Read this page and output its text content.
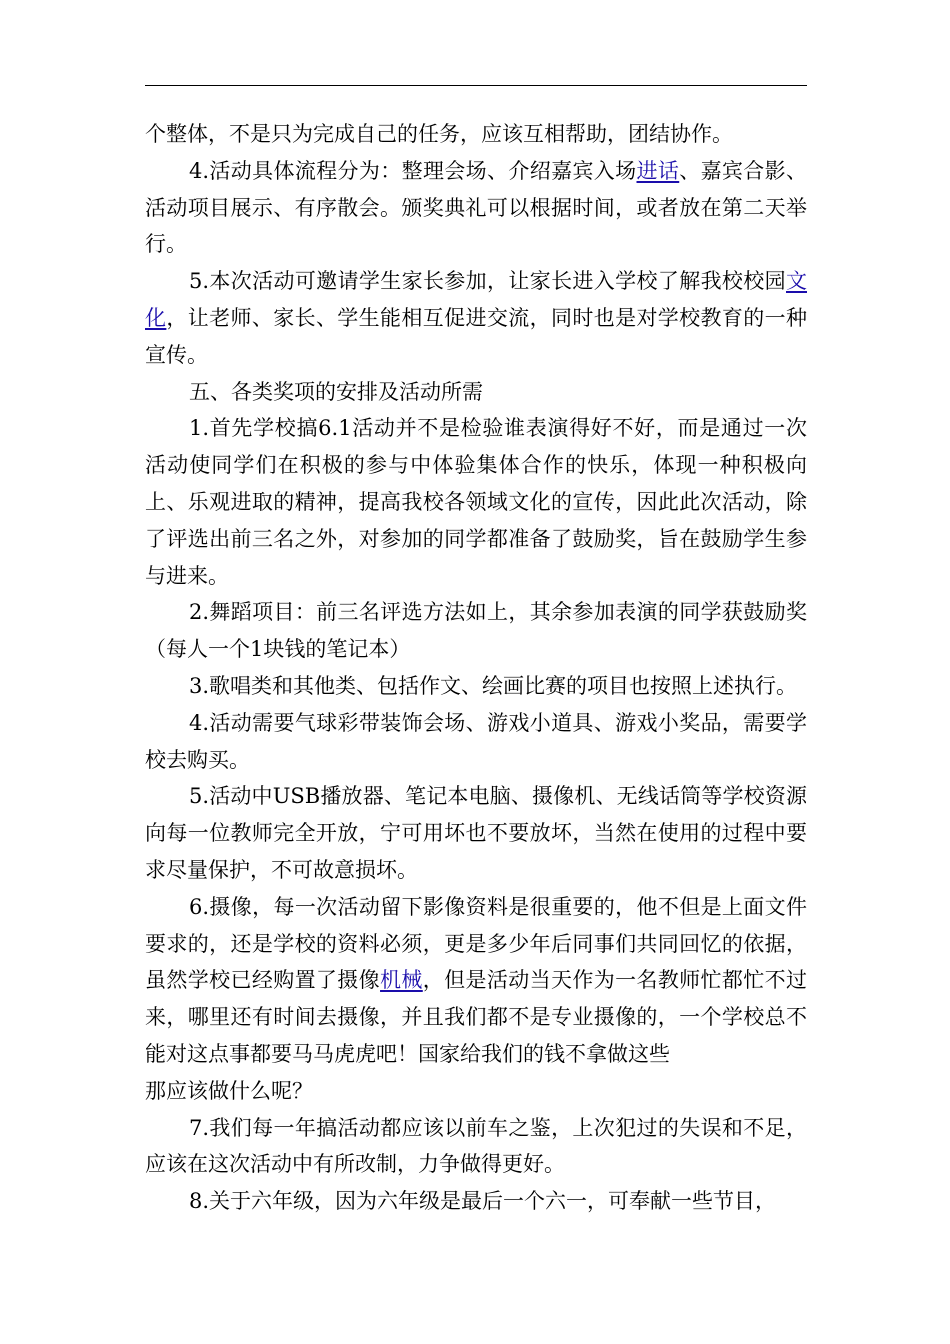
个整体，不是只为完成自己的任务，应该互相帮助，团结协作。

4.活动具体流程分为：整理会场、介绍嘉宾入场进话、嘉宾合影、活动项目展示、有序散会。颁奖典礼可以根据时间，或者放在第二天举行。

5.本次活动可邀请学生家长参加，让家长进入学校了解我校校园文化，让老师、家长、学生能相互促进交流，同时也是对学校教育的一种宣传。

五、各类奖项的安排及活动所需

1.首先学校搞6.1活动并不是检验谁表演得好不好，而是通过一次活动使同学们在积极的参与中体验集体合作的快乐，体现一种积极向上、乐观进取的精神，提高我校各领域文化的宣传，因此此次活动，除了评选出前三名之外，对参加的同学都准备了鼓励奖，旨在鼓励学生参与进来。

2.舞蹈项目：前三名评选方法如上，其余参加表演的同学获鼓励奖（每人一个1块钱的笔记本）

3.歌唱类和其他类、包括作文、绘画比赛的项目也按照上述执行。

4.活动需要气球彩带装饰会场、游戏小道具、游戏小奖品，需要学校去购买。

5.活动中USB播放器、笔记本电脑、摄像机、无线话筒等学校资源向每一位教师完全开放，宁可用坏也不要放坏，当然在使用的过程中要求尽量保护，不可故意损坏。

6.摄像，每一次活动留下影像资料是很重要的，他不但是上面文件要求的，还是学校的资料必须，更是多少年后同事们共同回忆的依据，虽然学校已经购置了摄像机械，但是活动当天作为一名教师忙都忙不过来，哪里还有时间去摄像，并且我们都不是专业摄像的，一个学校总不能对这点事都要马马虎虎吧！国家给我们的钱不拿做这些

那应该做什么呢？

7.我们每一年搞活动都应该以前车之鉴，上次犯过的失误和不足，应该在这次活动中有所改制，力争做得更好。

8.关于六年级，因为六年级是最后一个六一，可奉献一些节目，
